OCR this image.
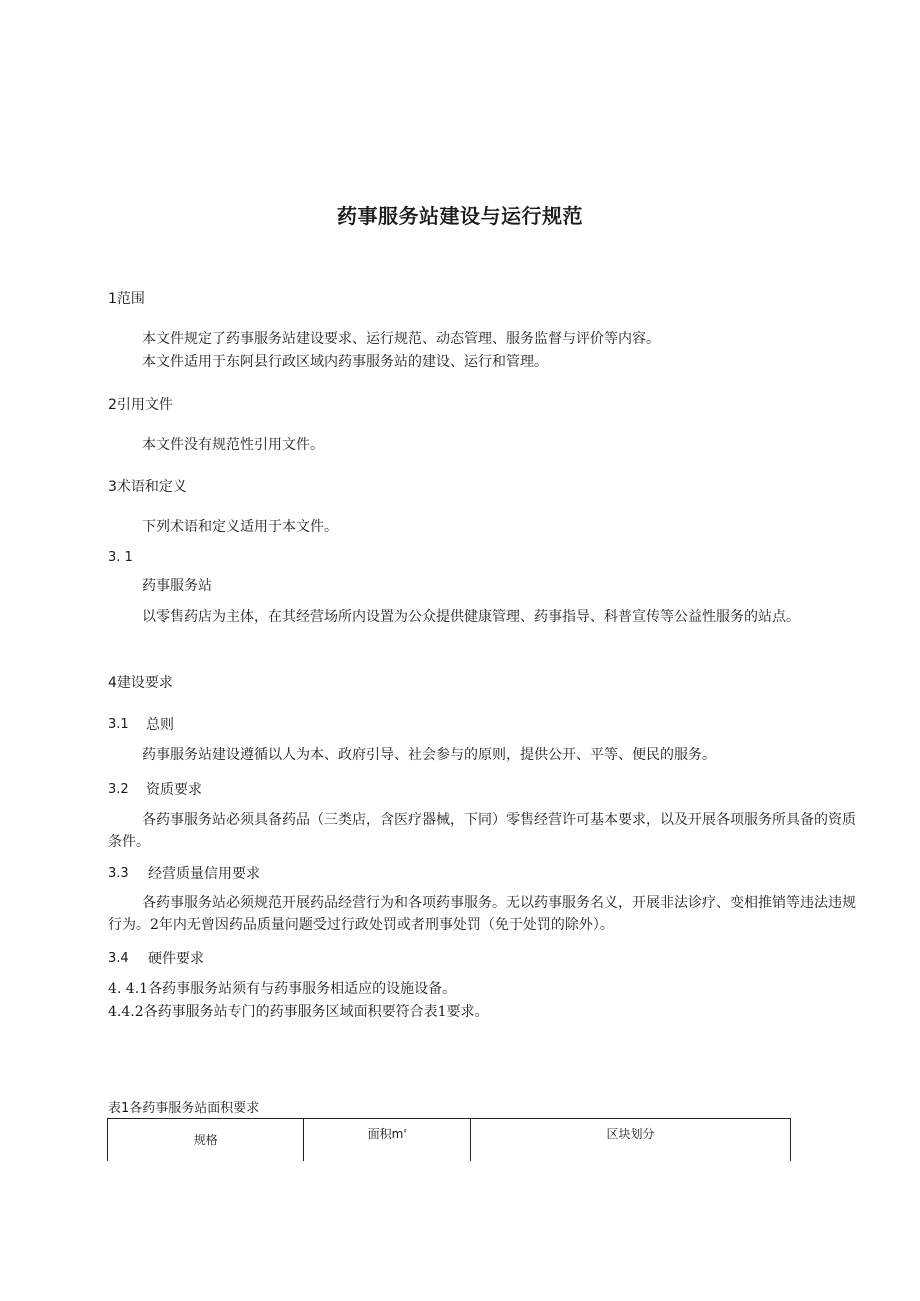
药事服务站建设与运行规范
1范围
本文件规定了药事服务站建设要求、运行规范、动态管理、服务监督与评价等内容。
本文件适用于东阿县行政区域内药事服务站的建设、运行和管理。
2引用文件
本文件没有规范性引用文件。
3术语和定义
下列术语和定义适用于本文件。
3. 1
药事服务站
以零售药店为主体，在其经营场所内设置为公众提供健康管理、药事指导、科普宣传等公益性服务的站点。
4建设要求
3.1 总则
药事服务站建设遵循以人为本、政府引导、社会参与的原则，提供公开、平等、便民的服务。
3.2 资质要求
各药事服务站必须具备药品（三类店，含医疗器械，下同）零售经营许可基本要求，以及开展各项服务所具备的资质条件。
3.3 经营质量信用要求
各药事服务站必须规范开展药品经营行为和各项药事服务。无以药事服务名义，开展非法诊疗、变相推销等违法违规行为。2年内无曾因药品质量问题受过行政处罚或者刑事处罚（免于处罚的除外）。
3.4 硬件要求
4. 4.1各药事服务站须有与药事服务相适应的设施设备。
4.4.2各药事服务站专门的药事服务区域面积要符合表1要求。
表1各药事服务站面积要求
规格	面积m'	区块划分
